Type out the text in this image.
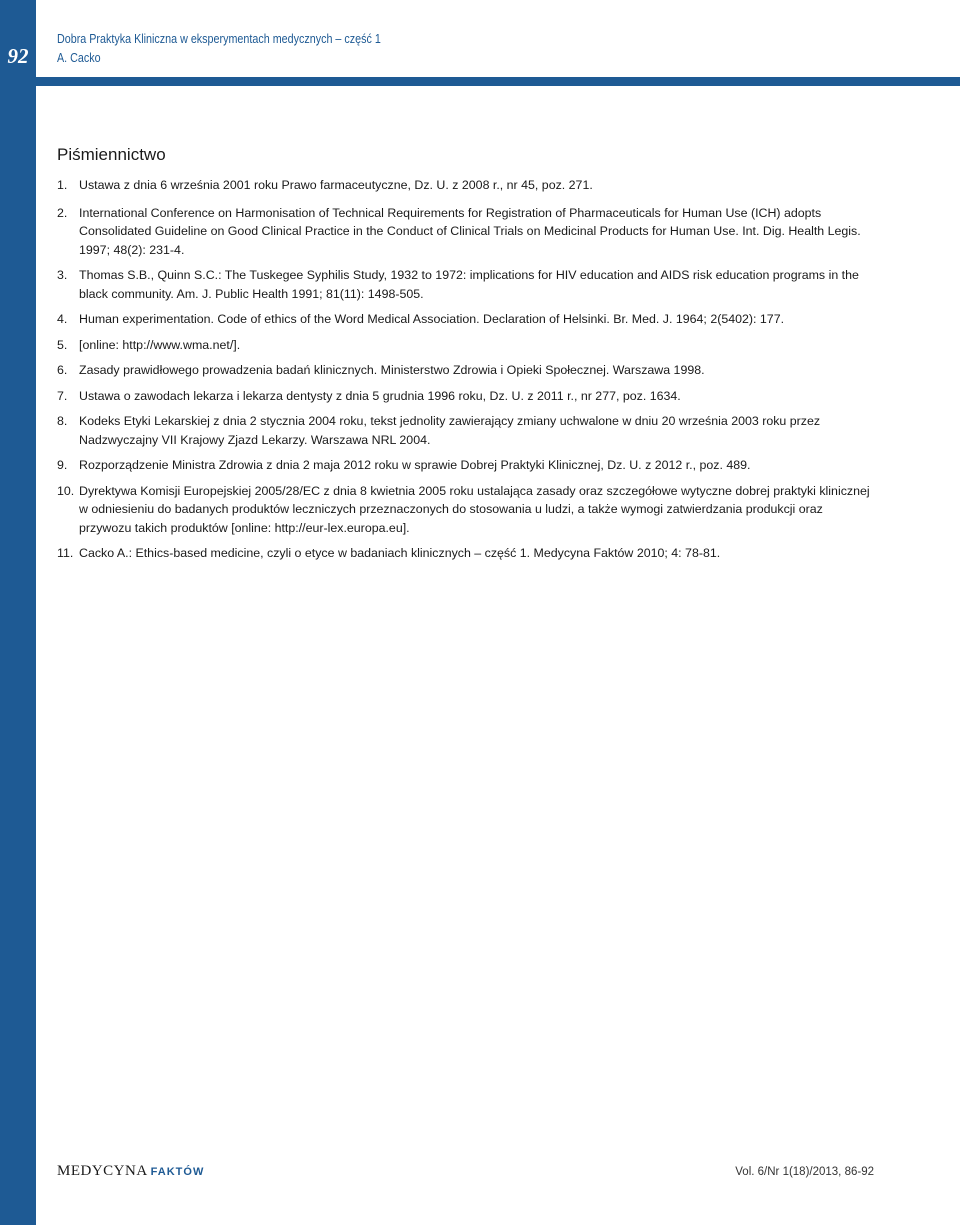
92
Dobra Praktyka Kliniczna w eksperymentach medycznych – część 1
A. Cacko
Piśmiennictwo
1. Ustawa z dnia 6 września 2001 roku Prawo farmaceutyczne, Dz. U. z 2008 r., nr 45, poz. 271.
2. International Conference on Harmonisation of Technical Requirements for Registration of Pharmaceuticals for Human Use (ICH) adopts Consolidated Guideline on Good Clinical Practice in the Conduct of Clinical Trials on Medicinal Products for Human Use. Int. Dig. Health Legis. 1997; 48(2): 231-4.
3. Thomas S.B., Quinn S.C.: The Tuskegee Syphilis Study, 1932 to 1972: implications for HIV education and AIDS risk education programs in the black community. Am. J. Public Health 1991; 81(11): 1498-505.
4. Human experimentation. Code of ethics of the Word Medical Association. Declaration of Helsinki. Br. Med. J. 1964; 2(5402): 177.
5. [online: http://www.wma.net/].
6. Zasady prawidłowego prowadzenia badań klinicznych. Ministerstwo Zdrowia i Opieki Społecznej. Warszawa 1998.
7. Ustawa o zawodach lekarza i lekarza dentysty z dnia 5 grudnia 1996 roku, Dz. U. z 2011 r., nr 277, poz. 1634.
8. Kodeks Etyki Lekarskiej z dnia 2 stycznia 2004 roku, tekst jednolity zawierający zmiany uchwalone w dniu 20 września 2003 roku przez Nadzwyczajny VII Krajowy Zjazd Lekarzy. Warszawa NRL 2004.
9. Rozporządzenie Ministra Zdrowia z dnia 2 maja 2012 roku w sprawie Dobrej Praktyki Klinicznej, Dz. U. z 2012 r., poz. 489.
10. Dyrektywa Komisji Europejskiej 2005/28/EC z dnia 8 kwietnia 2005 roku ustalająca zasady oraz szczegółowe wytyczne dobrej praktyki klinicznej w odniesieniu do badanych produktów leczniczych przeznaczonych do stosowania u ludzi, a także wymogi zatwierdzania produkcji oraz przywozu takich produktów [online: http://eur-lex.europa.eu].
11. Cacko A.: Ethics-based medicine, czyli o etyce w badaniach klinicznych – część 1. Medycyna Faktów 2010; 4: 78-81.
MEDYCYNA FAKTÓW	Vol. 6/Nr 1(18)/2013, 86-92
